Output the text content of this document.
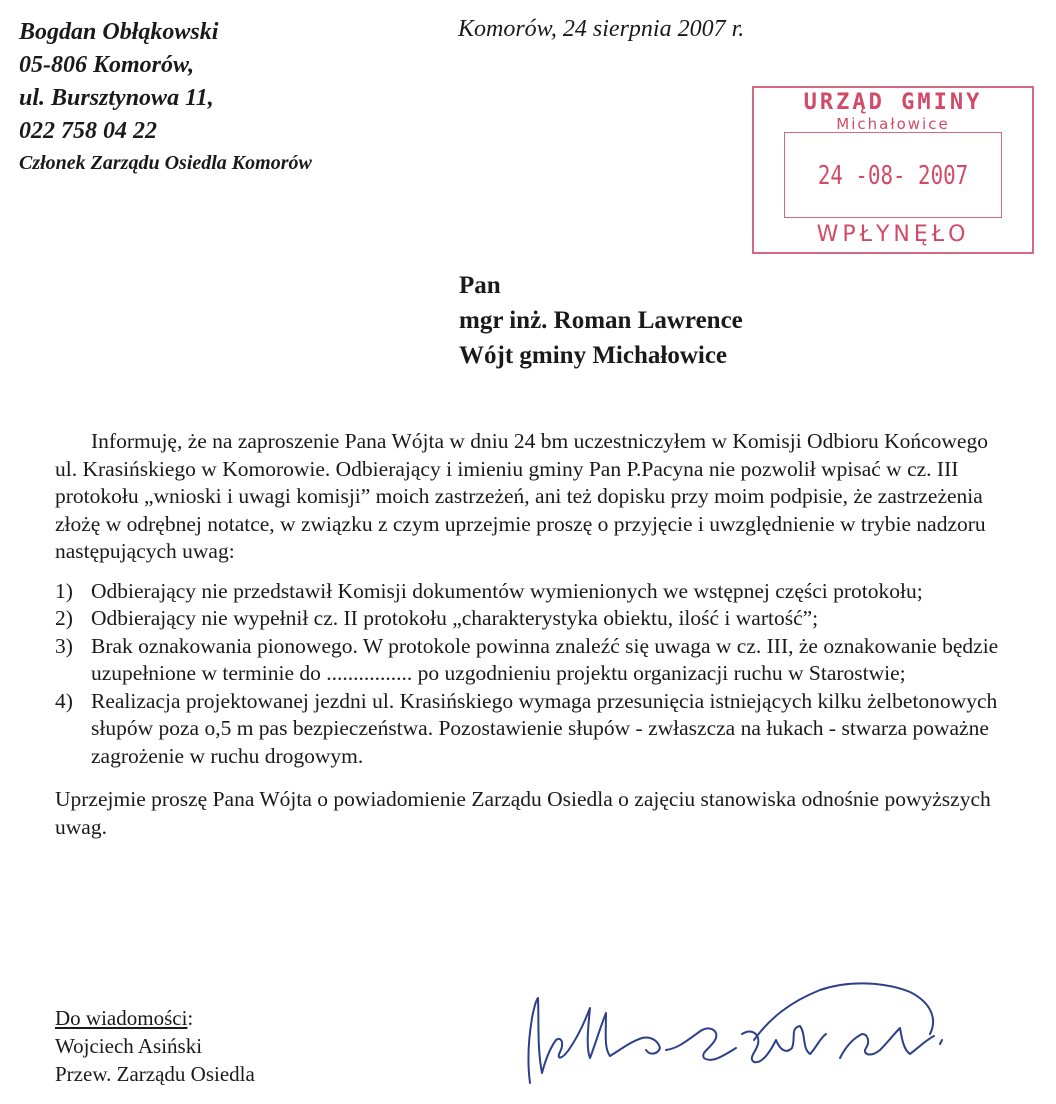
Bogdan Obłąkowski
05-806 Komorów,
ul. Bursztynowa 11,
022 758 04 22
Członek Zarządu Osiedla Komorów
Komorów, 24 sierpnia 2007 r.
URZĄD GMINY
Michałowice
24 -08- 2007
WPŁYNĘŁO
Pan
mgr inż. Roman Lawrence
Wójt gminy Michałowice

Informuję, że na zaproszenie Pana Wójta w dniu 24 bm uczestniczyłem w Komisji Odbioru Końcowego ul. Krasińskiego w Komorowie. Odbierający i imieniu gminy Pan P.Pacyna nie pozwolił wpisać w cz. III protokołu „wnioski i uwagi komisji” moich zastrzeżeń, ani też dopisku przy moim podpisie, że zastrzeżenia złożę w odrębnej notatce, w związku z czym uprzejmie proszę o przyjęcie i uwzględnienie w trybie nadzoru następujących uwag:

1) Odbierający nie przedstawił Komisji dokumentów wymienionych we wstępnej części protokołu;
2) Odbierający nie wypełnił cz. II protokołu „charakterystyka obiektu, ilość i wartość”;
3) Brak oznakowania pionowego. W protokole powinna znaleźć się uwaga w cz. III, że oznakowanie będzie uzupełnione w terminie do ................ po uzgodnieniu projektu organizacji ruchu w Starostwie;
4) Realizacja projektowanej jezdni ul. Krasińskiego wymaga przesunięcia istniejących kilku żelbetonowych słupów poza o,5 m pas bezpieczeństwa. Pozostawienie słupów - zwłaszcza na łukach - stwarza poważne zagrożenie w ruchu drogowym.

Uprzejmie proszę Pana Wójta o powiadomienie Zarządu Osiedla o zajęciu stanowiska odnośnie powyższych uwag.

Do wiadomości:
Wojciech Asiński
Przew. Zarządu Osiedla
